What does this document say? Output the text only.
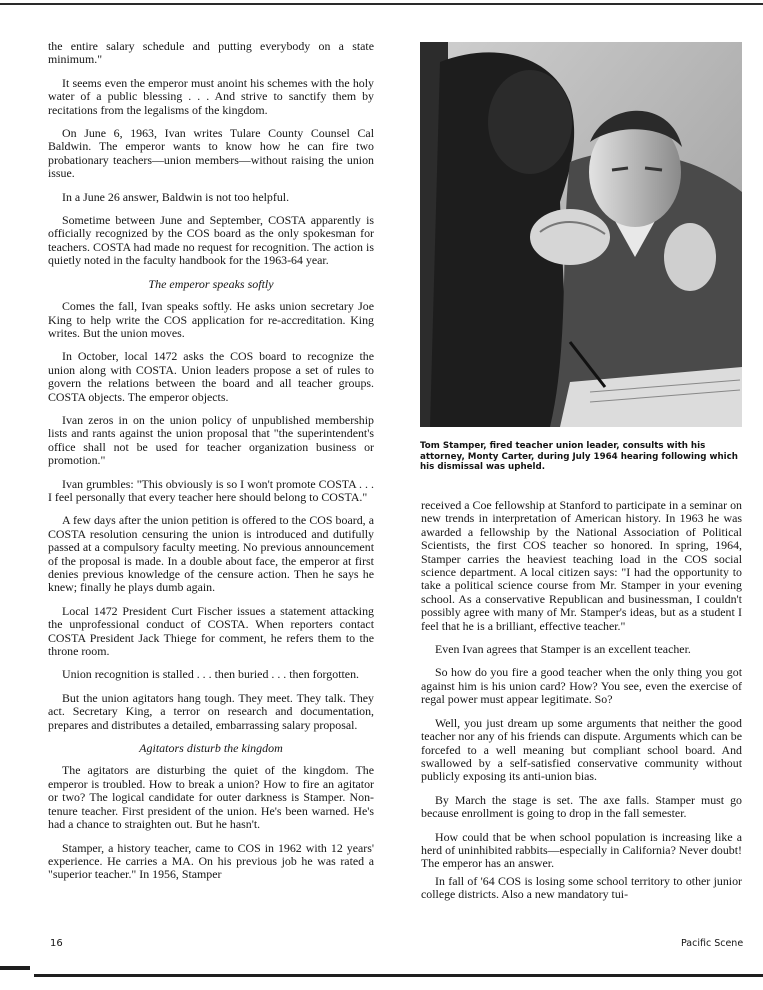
the entire salary schedule and putting everybody on a state minimum."

It seems even the emperor must anoint his schemes with the holy water of a public blessing . . . And strive to sanctify them by recitations from the legalisms of the kingdom.

On June 6, 1963, Ivan writes Tulare County Counsel Cal Baldwin. The emperor wants to know how he can fire two probationary teachers—union members—without raising the union issue.

In a June 26 answer, Baldwin is not too helpful.

Sometime between June and September, COSTA apparently is officially recognized by the COS board as the only spokesman for teachers. COSTA had made no request for recognition. The action is quietly noted in the faculty handbook for the 1963-64 year.

The emperor speaks softly

Comes the fall, Ivan speaks softly. He asks union secretary Joe King to help write the COS application for re-accreditation. King writes. But the union moves.

In October, local 1472 asks the COS board to recognize the union along with COSTA. Union leaders propose a set of rules to govern the relations between the board and all teacher groups. COSTA objects. The emperor objects.

Ivan zeros in on the union policy of unpublished membership lists and rants against the union proposal that "the superintendent's office shall not be used for teacher organization business or promotion."

Ivan grumbles: "This obviously is so I won't promote COSTA . . . I feel personally that every teacher here should belong to COSTA."

A few days after the union petition is offered to the COS board, a COSTA resolution censuring the union is introduced and dutifully passed at a compulsory faculty meeting. No previous announcement of the proposal is made. In a double about face, the emperor at first denies previous knowledge of the censure action. Then he says he knew; finally he plays dumb again.

Local 1472 President Curt Fischer issues a statement attacking the unprofessional conduct of COSTA. When reporters contact COSTA President Jack Thiege for comment, he refers them to the throne room.

Union recognition is stalled . . . then buried . . . then forgotten.

But the union agitators hang tough. They meet. They talk. They act. Secretary King, a terror on research and documentation, prepares and distributes a detailed, embarrassing salary proposal.

Agitators disturb the kingdom

The agitators are disturbing the quiet of the kingdom. The emperor is troubled. How to break a union? How to fire an agitator or two? The logical candidate for outer darkness is Stamper. Non-tenure teacher. First president of the union. He's been warned. He's had a chance to straighten out. But he hasn't.

Stamper, a history teacher, came to COS in 1962 with 12 years' experience. He carries a MA. On his previous job he was rated a "superior teacher." In 1956, Stamper

Tom Stamper, fired teacher union leader, consults with his attorney, Monty Carter, during July 1964 hearing following which his dismissal was upheld.

received a Coe fellowship at Stanford to participate in a seminar on new trends in interpretation of American history. In 1963 he was awarded a fellowship by the National Association of Political Scientists, the first COS teacher so honored. In spring, 1964, Stamper carries the heaviest teaching load in the COS social science department. A local citizen says: "I had the opportunity to take a political science course from Mr. Stamper in your evening school. As a conservative Republican and businessman, I couldn't possibly agree with many of Mr. Stamper's ideas, but as a student I feel that he is a brilliant, effective teacher."

Even Ivan agrees that Stamper is an excellent teacher.

So how do you fire a good teacher when the only thing you got against him is his union card? How? You see, even the exercise of regal power must appear legitimate. So?

Well, you just dream up some arguments that neither the good teacher nor any of his friends can dispute. Arguments which can be forcefed to a well meaning but compliant school board. And swallowed by a self-satisfied conservative community without publicly exposing its anti-union bias.

By March the stage is set. The axe falls. Stamper must go because enrollment is going to drop in the fall semester.

How could that be when school population is increasing like a herd of uninhibited rabbits—especially in California? Never doubt! The emperor has an answer.

In fall of '64 COS is losing some school territory to other junior college districts. Also a new mandatory tui-

16	Pacific Scene
